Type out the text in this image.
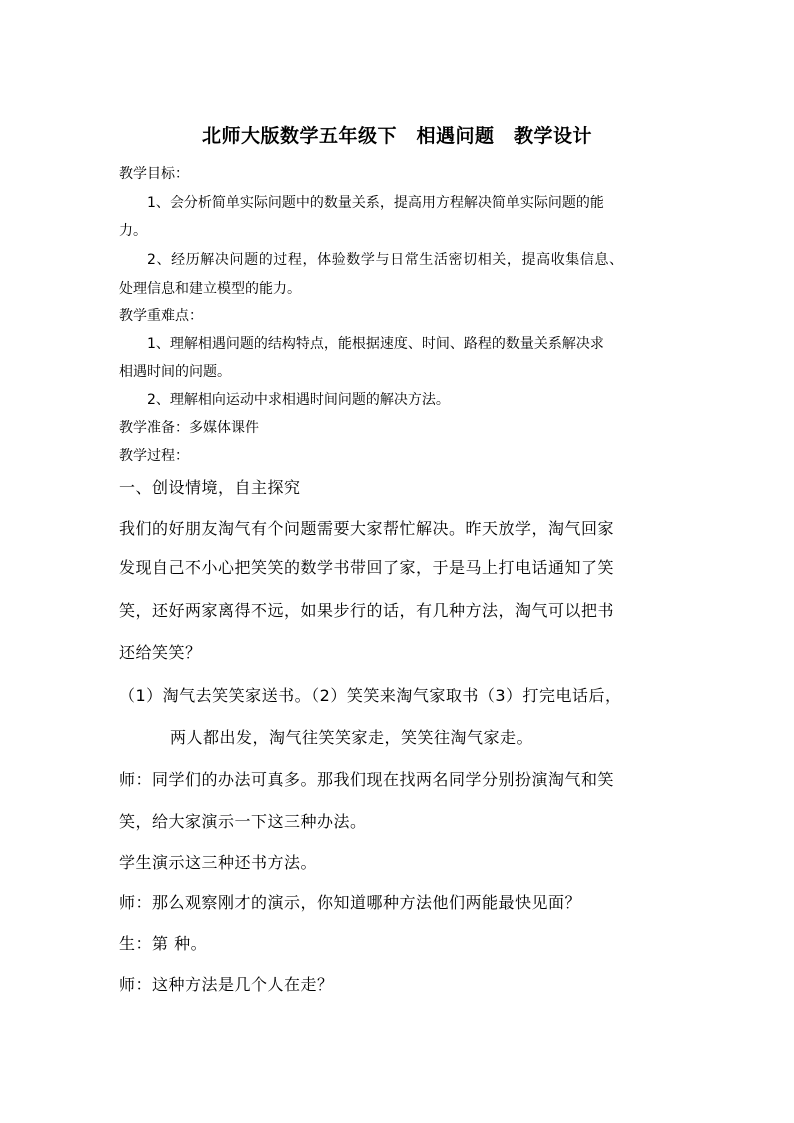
北师大版数学五年级下　相遇问题　教学设计
教学目标：
1、会分析简单实际问题中的数量关系，提高用方程解决简单实际问题的能
力。
2、经历解决问题的过程，体验数学与日常生活密切相关，提高收集信息、
处理信息和建立模型的能力。
教学重难点：
1、理解相遇问题的结构特点，能根据速度、时间、路程的数量关系解决求
相遇时间的问题。
2、理解相向运动中求相遇时间问题的解决方法。
教学准备：多媒体课件
教学过程：
一、创设情境，自主探究
我们的好朋友淘气有个问题需要大家帮忙解决。昨天放学，淘气回家
发现自己不小心把笑笑的数学书带回了家，于是马上打电话通知了笑
笑，还好两家离得不远，如果步行的话，有几种方法，淘气可以把书
还给笑笑？
（1）淘气去笑笑家送书。（2）笑笑来淘气家取书（3）打完电话后，
两人都出发，淘气往笑笑家走，笑笑往淘气家走。
师：同学们的办法可真多。那我们现在找两名同学分别扮演淘气和笑
笑，给大家演示一下这三种办法。
学生演示这三种还书方法。
师：那么观察刚才的演示，你知道哪种方法他们两能最快见面？
生：第 种。
师：这种方法是几个人在走？
